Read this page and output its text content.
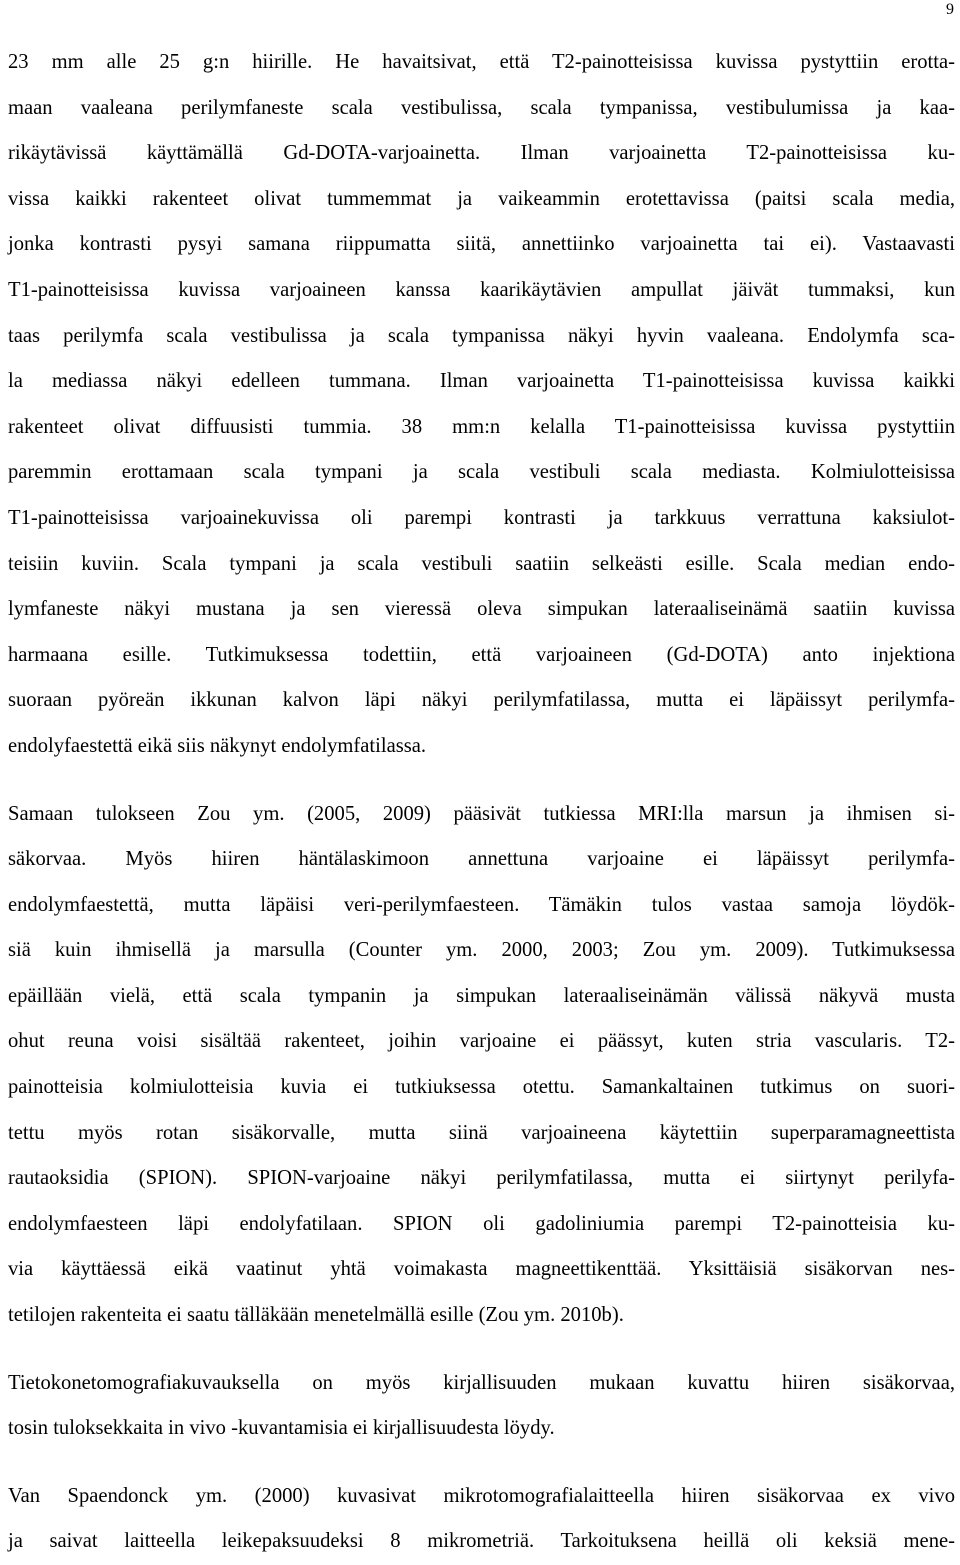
9
23 mm alle 25 g:n hiirille. He havaitsivat, että T2-painotteisissa kuvissa pystyttiin erotta-
maan vaaleana perilymfaneste scala vestibulissa, scala tympanissa, vestibulumissa ja kaa-
rikäytävissä käyttämällä Gd-DOTA-varjoainetta. Ilman varjoainetta T2-painotteisissa ku-
vissa kaikki rakenteet olivat tummemmat ja vaikeammin erotettavissa (paitsi scala media,
jonka kontrasti pysyi samana riippumatta siitä, annettiinko varjoainetta tai ei). Vastaavasti
T1-painotteisissa kuvissa varjoaineen kanssa kaarikäytävien ampullat jäivät tummaksi, kun
taas perilymfa scala vestibulissa ja scala tympanissa näkyi hyvin vaaleana. Endolymfa sca-
la mediassa näkyi edelleen tummana. Ilman varjoainetta T1-painotteisissa kuvissa kaikki
rakenteet olivat diffuusisti tummia. 38 mm:n kelalla T1-painotteisissa kuvissa pystyttiin
paremmin erottamaan scala tympani ja scala vestibuli scala mediasta. Kolmiulotteisissa
T1-painotteisissa varjoainekuvissa oli parempi kontrasti ja tarkkuus verrattuna kaksiulot-
teisiin kuviin. Scala tympani ja scala vestibuli saatiin selkeästi esille. Scala median endo-
lymfaneste näkyi mustana ja sen vieressä oleva simpukan lateraaliseinämä saatiin kuvissa
harmaana esille. Tutkimuksessa todettiin, että varjoaineen (Gd-DOTA) anto injektiona
suoraan pyöreän ikkunan kalvon läpi näkyi perilymfatilassa, mutta ei läpäissyt perilymfa-
endolyfaestettä eikä siis näkynyt endolymfatilassa.
Samaan tulokseen Zou ym. (2005, 2009) pääsivät tutkiessa MRI:lla marsun ja ihmisen si-
säkorvaa. Myös hiiren häntälaskimoon annettuna varjoaine ei läpäissyt perilymfa-
endolymfaestettä, mutta läpäisi veri-perilymfaesteen. Tämäkin tulos vastaa samoja löydök-
siä kuin ihmisellä ja marsulla (Counter ym. 2000, 2003; Zou ym. 2009). Tutkimuksessa
epäillään vielä, että scala tympanin ja simpukan lateraaliseinämän välissä näkyvä musta
ohut reuna voisi sisältää rakenteet, joihin varjoaine ei päässyt, kuten stria vascularis. T2-
painotteisia kolmiulotteisia kuvia ei tutkiuksessa otettu. Samankaltainen tutkimus on suori-
tettu myös rotan sisäkorvalle, mutta siinä varjoaineena käytettiin superparamagneettista
rautaoksidia (SPION). SPION-varjoaine näkyi perilymfatilassa, mutta ei siirtynyt perilyfa-
endolymfaesteen läpi endolyfatilaan. SPION oli gadoliniumia parempi T2-painotteisia ku-
via käyttäessä eikä vaatinut yhtä voimakasta magneettikenttää. Yksittäisiä sisäkorvan nes-
tetilojen rakenteita ei saatu tälläkään menetelmällä esille (Zou ym. 2010b).
Tietokonetomografiakuvauksella on myös kirjallisuuden mukaan kuvattu hiiren sisäkorvaa,
tosin tuloksekkaita in vivo -kuvantamisia ei kirjallisuudesta löydy.
Van Spaendonck ym. (2000) kuvasivat mikrotomografialaitteella hiiren sisäkorvaa ex vivo
ja saivat laitteella leikepaksuudeksi 8 mikrometriä. Tarkoituksena heillä oli keksiä mene-
